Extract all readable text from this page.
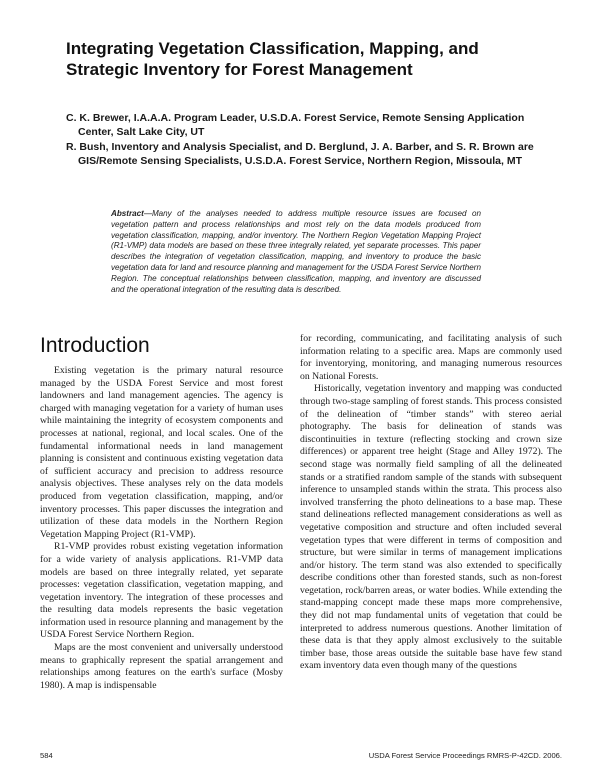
Integrating Vegetation Classification, Mapping, and Strategic Inventory for Forest Management
C. K. Brewer, I.A.A.A. Program Leader, U.S.D.A. Forest Service, Remote Sensing Application Center, Salt Lake City, UT
R. Bush, Inventory and Analysis Specialist, and D. Berglund, J. A. Barber, and S. R. Brown are GIS/Remote Sensing Specialists, U.S.D.A. Forest Service, Northern Region, Missoula, MT

Abstract—Many of the analyses needed to address multiple resource issues are focused on vegetation pattern and process relationships and most rely on the data models produced from vegetation classification, mapping, and/or inventory. The Northern Region Vegetation Mapping Project (R1-VMP) data models are based on these three integrally related, yet separate processes. This paper describes the integration of vegetation classification, mapping, and inventory to produce the basic vegetation data for land and resource planning and management for the USDA Forest Service Northern Region. The conceptual relationships between classification, mapping, and inventory are discussed and the operational integration of the resulting data is described.

Introduction

Existing vegetation is the primary natural resource managed by the USDA Forest Service and most forest landowners and land management agencies. The agency is charged with managing vegetation for a variety of human uses while maintaining the integrity of ecosystem components and processes at national, regional, and local scales. One of the fundamental informational needs in land management planning is consistent and continuous existing vegetation data of sufficient accuracy and precision to address resource analysis objectives. These analyses rely on the data models produced from vegetation classification, mapping, and/or inventory processes. This paper discusses the integration and utilization of these data models in the Northern Region Vegetation Mapping Project (R1-VMP).

R1-VMP provides robust existing vegetation information for a wide variety of analysis applications. R1-VMP data models are based on three integrally related, yet separate processes: vegetation classification, vegetation mapping, and vegetation inventory. The integration of these processes and the resulting data models represents the basic vegetation information used in resource planning and management by the USDA Forest Service Northern Region.

Maps are the most convenient and universally understood means to graphically represent the spatial arrangement and relationships among features on the earth's surface (Mosby 1980). A map is indispensable

for recording, communicating, and facilitating analysis of such information relating to a specific area. Maps are commonly used for inventorying, monitoring, and managing numerous resources on National Forests.

Historically, vegetation inventory and mapping was conducted through two-stage sampling of forest stands. This process consisted of the delineation of “timber stands” with stereo aerial photography. The basis for delineation of stands was discontinuities in texture (reflecting stocking and crown size differences) or apparent tree height (Stage and Alley 1972). The second stage was normally field sampling of all the delineated stands or a stratified random sample of the stands with subsequent inference to unsampled stands within the strata. This process also involved transferring the photo delineations to a base map. These stand delineations reflected management considerations as well as vegetative composition and structure and often included several vegetation types that were different in terms of composition and structure, but were similar in terms of management implications and/or history. The term stand was also extended to specifically describe conditions other than forested stands, such as non-forest vegetation, rock/barren areas, or water bodies. While extending the stand-mapping concept made these maps more comprehensive, they did not map fundamental units of vegetation that could be interpreted to address numerous questions. Another limitation of these data is that they apply almost exclusively to the suitable timber base, those areas outside the suitable base have few stand exam inventory data even though many of the questions

584	USDA Forest Service Proceedings RMRS-P-42CD. 2006.
